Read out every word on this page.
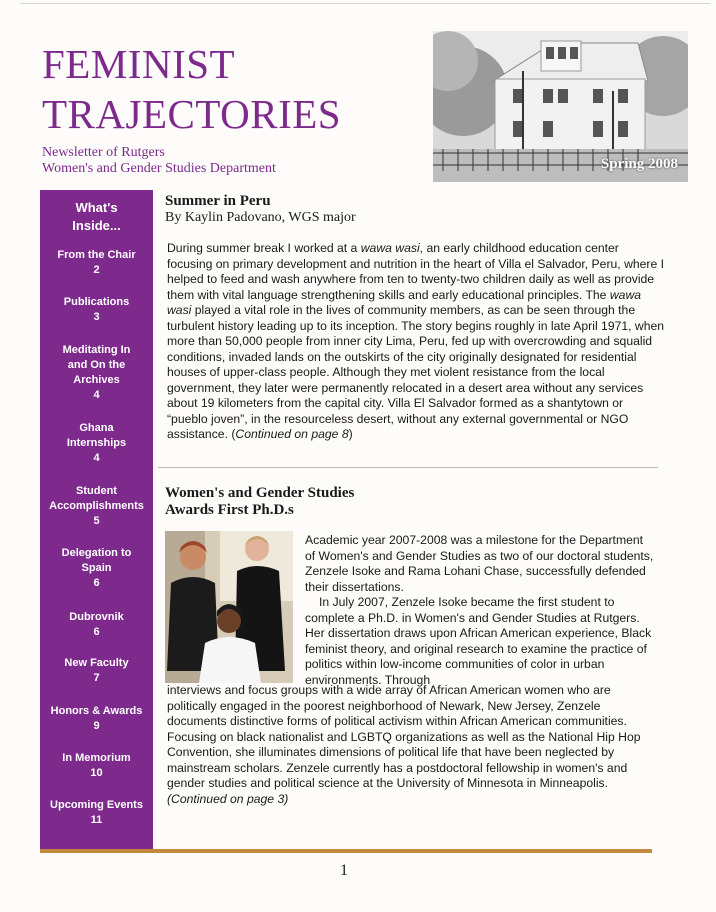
FEMINIST
TRAJECTORIES
Newsletter of Rutgers
Women's and Gender Studies Department	Spring 2008
What's
Inside...
From the Chair
2
Publications
3
Meditating In
and On the
Archives
4
Ghana
Internships
4
Student
Accomplishments
5
Delegation to
Spain
6
Dubrovnik
6
New Faculty
7
Honors & Awards
9
In Memorium
10
Upcoming Events
11
Summer in Peru
By Kaylin Padovano, WGS major

During summer break I worked at a wawa wasi, an early childhood education center focusing on primary development and nutrition in the heart of Villa el Salvador, Peru, where I helped to feed and wash anywhere from ten to twenty-two children daily as well as provide them with vital language strengthening skills and early educational principles. The wawa wasi played a vital role in the lives of community members, as can be seen through the turbulent history leading up to its inception. The story begins roughly in late April 1971, when more than 50,000 people from inner city Lima, Peru, fed up with overcrowding and squalid conditions, invaded lands on the outskirts of the city originally designated for residential houses of upper-class people. Although they met violent resistance from the local government, they later were permanently relocated in a desert area without any services about 19 kilometers from the capital city. Villa El Salvador formed as a shantytown or “pueblo joven”, in the resourceless desert, without any external governmental or NGO assistance. (Continued on page 8)

Women's and Gender Studies
Awards First Ph.D.s

Academic year 2007-2008 was a milestone for the Department of Women's and Gender Studies as two of our doctoral students, Zenzele Isoke and Rama Lohani Chase, successfully defended their dissertations.

In July 2007, Zenzele Isoke became the first student to complete a Ph.D. in Women's and Gender Studies at Rutgers. Her dissertation draws upon African American experience, Black feminist theory, and original research to examine the practice of politics within low-income communities of color in urban environments. Through

interviews and focus groups with a wide array of African American women who are politically engaged in the poorest neighborhood of Newark, New Jersey, Zenzele documents distinctive forms of political activism within African American communities. Focusing on black nationalist and LGBTQ organizations as well as the National Hip Hop Convention, she illuminates dimensions of political life that have been neglected by mainstream scholars. Zenzele currently has a postdoctoral fellowship in women's and gender studies and political science at the University of Minnesota in Minneapolis. (Continued on page 3)

1
